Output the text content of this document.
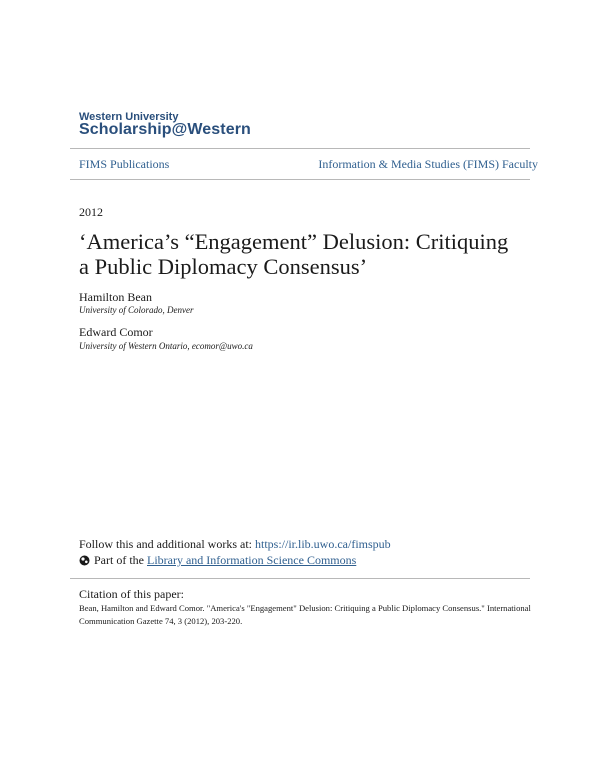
Western University
Scholarship@Western
FIMS Publications	Information & Media Studies (FIMS) Faculty
2012
‘America’s “Engagement” Delusion: Critiquing a Public Diplomacy Consensus’
Hamilton Bean
University of Colorado, Denver
Edward Comor
University of Western Ontario, ecomor@uwo.ca
Follow this and additional works at: https://ir.lib.uwo.ca/fimspub
Part of the
Library and Information Science Commons
Citation of this paper:
Bean, Hamilton and Edward Comor. "America's "Engagement" Delusion: Critiquing a Public Diplomacy Consensus." International Communication Gazette 74, 3 (2012), 203-220.
